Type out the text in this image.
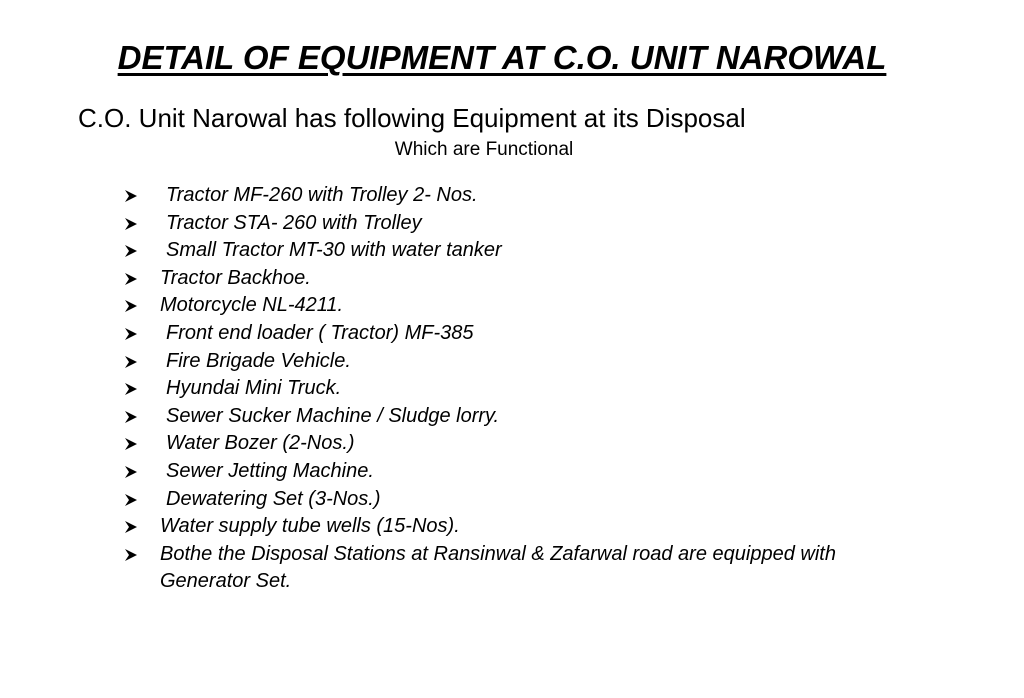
DETAIL OF EQUIPMENT AT C.O. UNIT NAROWAL
C.O. Unit Narowal has following Equipment at its Disposal
Which are Functional
Tractor MF-260 with Trolley 2- Nos.
Tractor STA- 260 with Trolley
Small Tractor MT-30 with water tanker
Tractor Backhoe.
Motorcycle NL-4211.
Front end loader ( Tractor) MF-385
Fire Brigade Vehicle.
Hyundai Mini Truck.
Sewer Sucker Machine / Sludge lorry.
Water Bozer (2-Nos.)
Sewer Jetting Machine.
Dewatering Set (3-Nos.)
Water supply tube wells (15-Nos).
Bothe the Disposal Stations at Ransinwal & Zafarwal road are equipped with Generator Set.
